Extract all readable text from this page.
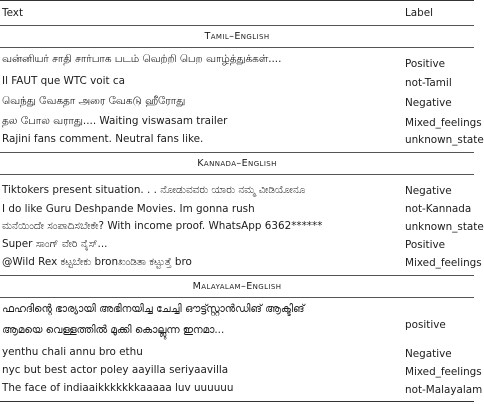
Text	Label
Tamil–English
வன்னியர் சாதி சார்பாக படம் வெற்றி பெற வாழ்த்துக்கள்....	Positive
Il FAUT que WTC voit ca	not-Tamil
வெந்து வேகதா அரை வேகடு ஹீரோது	Negative
தல போல வராது.... Waiting viswasam trailer	Mixed_feelings
Rajini fans comment. Neutral fans like.	unknown_state
Kannada–English
Tiktokers present situation. . . ನೋಡುವವರು ಯಾರು ನಮ್ಮ ವೀಡಿಯೋನೂ	Negative
I do like Guru Deshpande Movies. Im gonna rush	not-Kannada
ಮನೆಯಿಂದೇ ಸಂಪಾದಿಸಬೇಕೇ? With income proof. WhatsApp 6362******	unknown_state
Super ಸಾಂಗ್ ವೇರಿ ನೈಸ್...	Positive
@Wild Rex ಕಟ್ಟಬೇಕು bronಖಂಡಿತಾ ಕಟ್ಟುತ್ತೆ bro	Mixed_feelings
Malayalam–English
ഫഹദിന്റെ ഭാര്യായി അഭിനയിച്ച ചേച്ചി ഔട്ട്സ്റ്റാൻഡിങ് ആക്ടിങ്
ആമയെ വെള്ളത്തിൽ മുക്കി കൊല്ലുന്ന ഇനമാ...	positive
yenthu chali annu bro ethu	Negative
nyc but best actor poley aayilla seriyaavilla	Mixed_feelings
The face of indiaaikkkkkkkaaaaa luv uuuuuu	not-Malayalam
